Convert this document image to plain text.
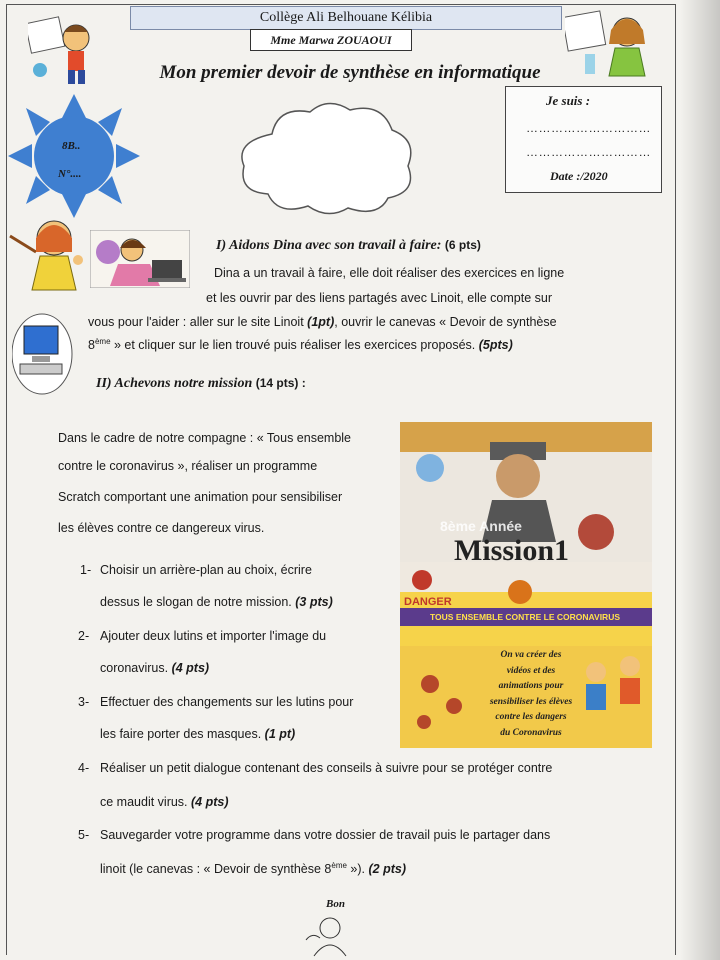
Collège Ali Belhouane Kélibia
Mme Marwa ZOUAOUI
Mon premier devoir de synthèse en informatique
8B..
N°....
Je suis :
…………………………
…………………………
Date :/2020
I) Aidons Dina avec son travail à faire: (6 pts)
Dina a un travail à faire, elle doit réaliser des exercices en ligne
et les ouvrir par des liens partagés avec Linoit, elle compte sur
vous pour l'aider : aller sur le site Linoit (1pt), ouvrir le canevas « Devoir de synthèse
8ème » et cliquer sur le lien trouvé puis réaliser les exercices proposés. (5pts)
II) Achevons notre mission (14 pts) :
Dans le cadre de notre compagne : « Tous ensemble
contre le coronavirus », réaliser un programme
Scratch comportant une animation pour sensibiliser
les élèves contre ce dangereux virus.
1- Choisir un arrière-plan au choix, écrire
dessus le slogan de notre mission. (3 pts)
2- Ajouter deux lutins et importer l'image du
coronavirus. (4 pts)
3- Effectuer des changements sur les lutins pour
les faire porter des masques. (1 pt)
4- Réaliser un petit dialogue contenant des conseils à suivre pour se protéger contre
ce maudit virus. (4 pts)
5- Sauvegarder votre programme dans votre dossier de travail puis le partager dans
linoit (le canevas : « Devoir de synthèse 8ème »). (2 pts)
8ème Année
Mission1
DANGER
TOUS ENSEMBLE CONTRE LE CORONAVIRUS
On va créer des
vidéos et des
animations pour
sensibiliser les élèves
contre les dangers
du Coronavirus
Bon
